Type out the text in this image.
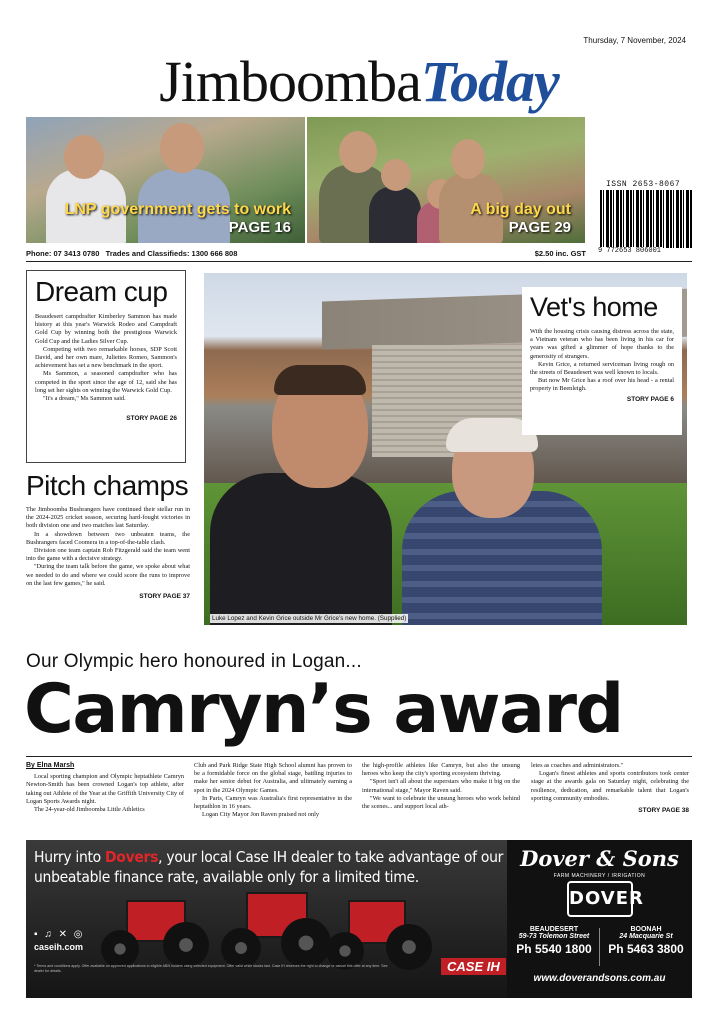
Thursday, 7 November, 2024
JimboombaToday
LNP government gets to work
PAGE 16
A big day out
PAGE 29
ISSN 2653-8067
9 772653 806001
Phone: 07 3413 0780 Trades and Classifieds: 1300 666 808	$2.50 inc. GST
Dream cup

Beaudesert campdrafter Kimberley Sammon has made history at this year's Warwick Rodeo and Campdraft Gold Cup by winning both the prestigious Warwick Gold Cup and the Ladies Silver Cup.

Competing with two remarkable horses, SDP Scott David, and her own mare, Juliettes Romeo, Sammon's achievement has set a new benchmark in the sport.

Ms Sammon, a seasoned campdrafter who has competed in the sport since the age of 12, said she has long set her sights on winning the Warwick Gold Cup.

"It's a dream," Ms Sammon said.

STORY PAGE 26
Pitch champs

The Jimboomba Bushrangers have continued their stellar run in the 2024-2025 cricket season, securing hard-fought victories in both division one and two matches last Saturday.

In a showdown between two unbeaten teams, the Bushrangers faced Coomera in a top-of-the-table clash.

Division one team captain Rob Fitzgerald said the team went into the game with a decisive strategy.

"During the team talk before the game, we spoke about what we needed to do and where we could score the runs to improve on the last few games," he said.

STORY PAGE 37
Luke Lopez and Kevin Grice outside Mr Grice's new home. (Supplied)
Vet's home

With the housing crisis causing distress across the state, a Vietnam veteran who has been living in his car for years was gifted a glimmer of hope thanks to the generosity of strangers.

Kevin Grice, a returned serviceman living rough on the streets of Beaudesert was well known to locals.

But now Mr Grice has a roof over his head - a rental property in Beenleigh.

STORY PAGE 6
Our Olympic hero honoured in Logan...
Camryn’s award
By Elna Marsh

Local sporting champion and Olympic heptathlete Camryn Newton-Smith has been crowned Logan's top athlete, after taking out Athlete of the Year at the Griffith University City of Logan Sports Awards night.

The 24-year-old Jimboomba Little Athletics

Club and Park Ridge State High School alumni has proven to be a formidable force on the global stage, battling injuries to make her senior debut for Australia, and ultimately earning a spot in the 2024 Olympic Games.

In Paris, Camryn was Australia's first representative in the heptathlon in 16 years.

Logan City Mayor Jon Raven praised not only

the high-profile athletes like Camryn, but also the unsung heroes who keep the city's sporting ecosystem thriving.

"Sport isn't all about the superstars who make it big on the international stage," Mayor Raven said.

"We want to celebrate the unsung heroes who work behind the scenes... and support local ath-

letes as coaches and administrators."

Logan's finest athletes and sports contributors took center stage at the awards gala on Saturday night, celebrating the resilience, dedication, and remarkable talent that Logan's sporting community embodies.

STORY PAGE 38
Hurry into Dovers, your local Case IH dealer to take advantage of our unbeatable finance rate, available only for a limited time.
▪ ♫ ✕ ◎
caseih.com
* Terms and conditions apply. Offer available on approved applications to eligible ABN holders using selected equipment. Offer valid while stocks last. Case IH reserves the right to change or cancel this offer at any time. See dealer for details.	CASE IH
Dover & Sons
FARM MACHINERY / IRRIGATION
DOVER
BEAUDESERT
59-73 Tolemon Street
Ph 5540 1800
BOONAH
24 Macquarie St
Ph 5463 3800
www.doverandsons.com.au
